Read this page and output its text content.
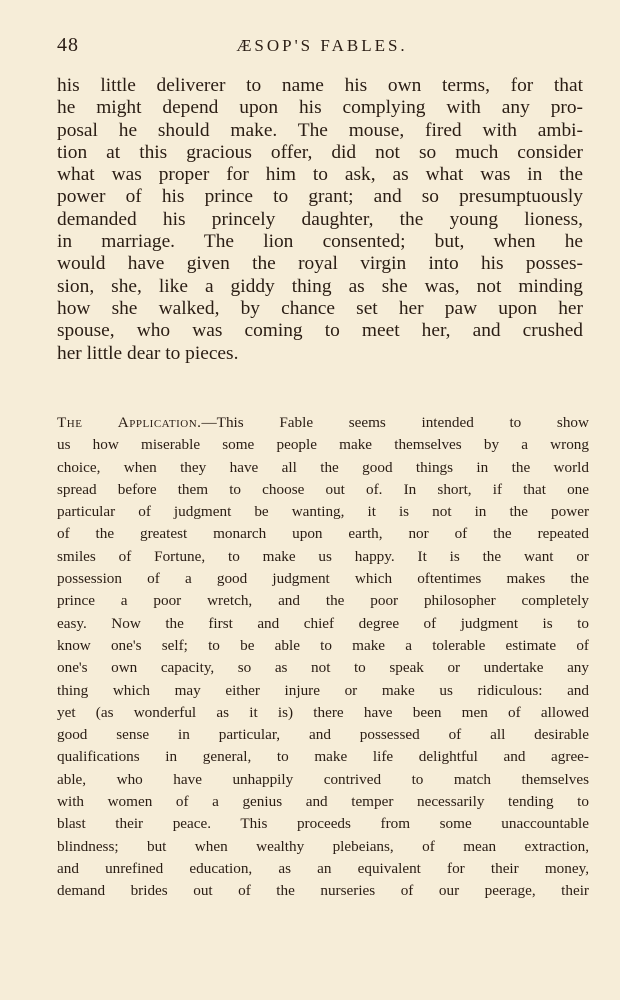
48	ÆSOP'S FABLES.
his little deliverer to name his own terms, for that
he might depend upon his complying with any pro-
posal he should make. The mouse, fired with ambi-
tion at this gracious offer, did not so much consider
what was proper for him to ask, as what was in the
power of his prince to grant; and so presumptuously
demanded his princely daughter, the young lioness,
in marriage. The lion consented; but, when he
would have given the royal virgin into his posses-
sion, she, like a giddy thing as she was, not minding
how she walked, by chance set her paw upon her
spouse, who was coming to meet her, and crushed
her little dear to pieces.
The Application.—This Fable seems intended to show
us how miserable some people make themselves by a wrong
choice, when they have all the good things in the world
spread before them to choose out of. In short, if that one
particular of judgment be wanting, it is not in the power
of the greatest monarch upon earth, nor of the repeated
smiles of Fortune, to make us happy. It is the want or
possession of a good judgment which oftentimes makes the
prince a poor wretch, and the poor philosopher completely
easy. Now the first and chief degree of judgment is to
know one's self; to be able to make a tolerable estimate of
one's own capacity, so as not to speak or undertake any
thing which may either injure or make us ridiculous: and
yet (as wonderful as it is) there have been men of allowed
good sense in particular, and possessed of all desirable
qualifications in general, to make life delightful and agree-
able, who have unhappily contrived to match themselves
with women of a genius and temper necessarily tending to
blast their peace. This proceeds from some unaccountable
blindness; but when wealthy plebeians, of mean extraction,
and unrefined education, as an equivalent for their money,
demand brides out of the nurseries of our peerage, their
